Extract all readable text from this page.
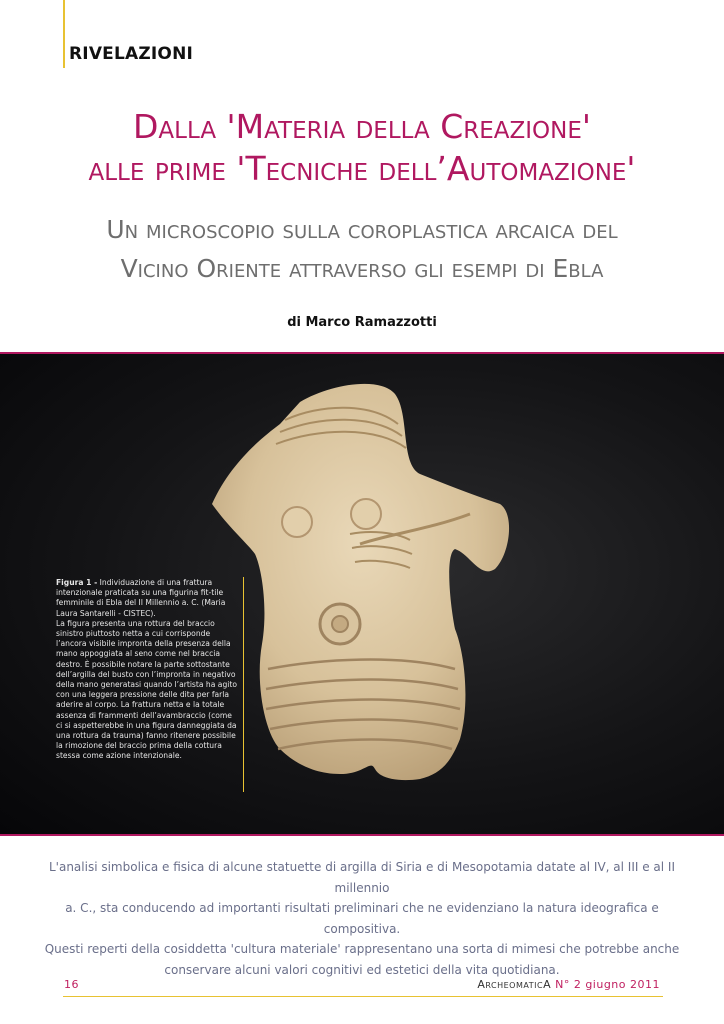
RIVELAZIONI
Dalla 'Materia della Creazione'
alle prime 'Tecniche dell’Automazione'
Un microscopio sulla coroplastica arcaica del
Vicino Oriente attraverso gli esempi di Ebla
di Marco Ramazzotti

Figura 1 - Individuazione di una frattura intenzionale praticata su una figurina fit-tile femminile di Ebla del II Millennio a. C. (Maria Laura Santarelli - CISTEC).

La figura presenta una rottura del braccio sinistro piuttosto netta a cui corrisponde l’ancora visibile impronta della presenza della mano appoggiata al seno come nel braccia destro. È possibile notare la parte sottostante dell’argilla del busto con l’impronta in negativo della mano generatasi quando l’artista ha agito con una leggera pressione delle dita per farla aderire al corpo. La frattura netta e la totale assenza di frammenti dell’avambraccio (come ci si aspetterebbe in una figura danneggiata da una rottura da trauma) fanno ritenere possibile la rimozione del braccio prima della cottura stessa come azione intenzionale.

L'analisi simbolica e fisica di alcune statuette di argilla di Siria e di Mesopotamia datate al IV, al III e al II millennio

a. C., sta conducendo ad importanti risultati preliminari che ne evidenziano la natura ideografica e compositiva.

Questi reperti della cosiddetta 'cultura materiale' rappresentano una sorta di mimesi che potrebbe anche

conservare alcuni valori cognitivi ed estetici della vita quotidiana.

16	ArcheomaticA N° 2 giugno 2011
